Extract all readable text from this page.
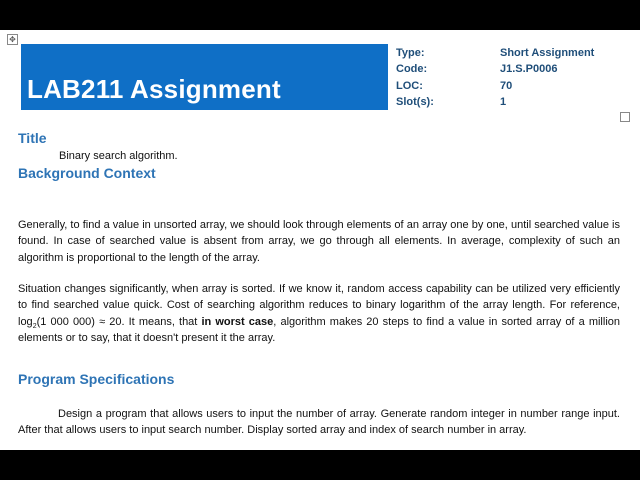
✥
LAB211 Assignment
Type:	Short Assignment
Code:	J1.S.P0006
LOC:	70
Slot(s):	1
Title
Binary search algorithm.
Background Context

Generally, to find a value in unsorted array, we should look through elements of an array one by one, until searched value is found. In case of searched value is absent from array, we go through all elements. In average, complexity of such an algorithm is proportional to the length of the array.

Situation changes significantly, when array is sorted. If we know it, random access capability can be utilized very efficiently to find searched value quick. Cost of searching algorithm reduces to binary logarithm of the array length. For reference, $\log_2(1$ 000 000) ≈ 20. It means, that in worst case, algorithm makes 20 steps to find a value in sorted array of a million elements or to say, that it doesn't present it the array.

Program Specifications

Design a program that allows users to input the number of array. Generate random integer in number range input. After that allows users to input search number. Display sorted array and index of search number in array.
